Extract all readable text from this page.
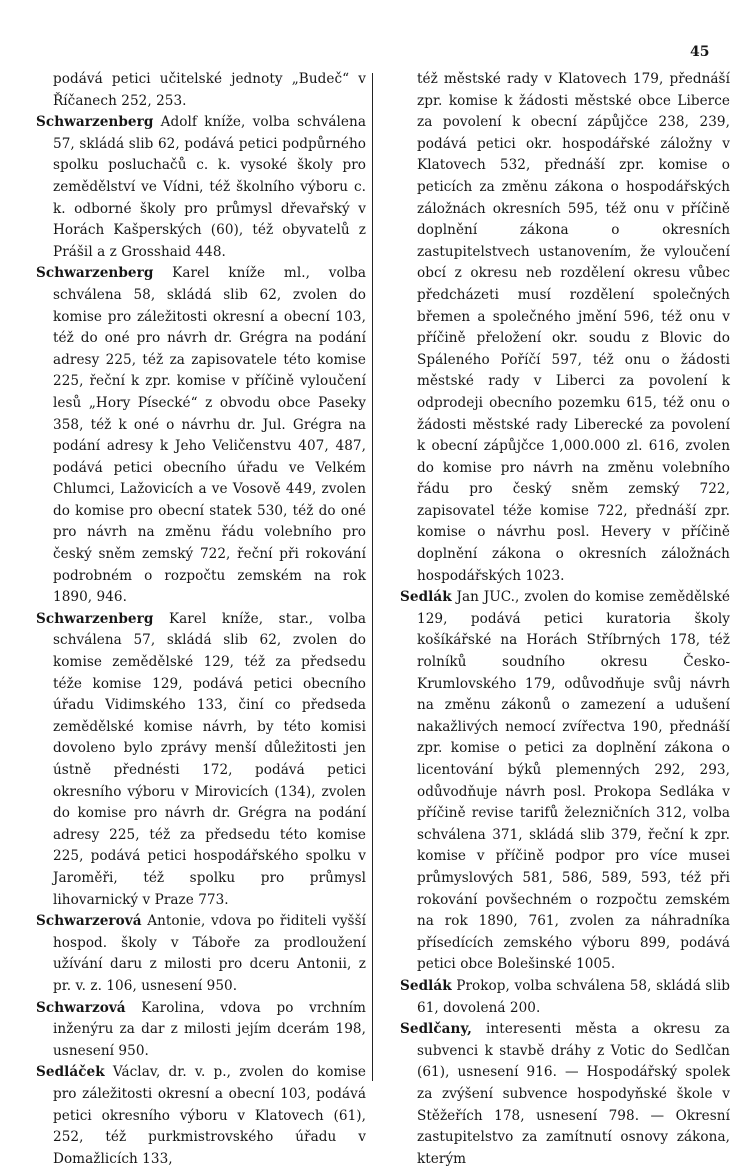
45

podává petici učitelské jednoty „Budeč“ v Říčanech 252, 253.

Schwarzenberg Adolf kníže, volba schválena 57, skládá slib 62, podává petici podpůrného spolku posluchačů c. k. vysoké školy pro zemědělství ve Vídni, též školního výboru c. k. odborné školy pro průmysl dřevařský v Horách Kašperských (60), též obyvatelů z Prášil a z Grosshaid 448.

Schwarzenberg Karel kníže ml., volba schválena 58, skládá slib 62, zvolen do komise pro záležitosti okresní a obecní 103, též do oné pro návrh dr. Grégra na podání adresy 225, též za zapisovatele této komise 225, řeční k zpr. komise v příčině vyloučení lesů „Hory Písecké“ z obvodu obce Paseky 358, též k oné o návrhu dr. Jul. Grégra na podání adresy k Jeho Veličenstvu 407, 487, podává petici obecního úřadu ve Velkém Chlumci, Lažovicích a ve Vosově 449, zvolen do komise pro obecní statek 530, též do oné pro návrh na změnu řádu volebního pro český sněm zemský 722, řeční při rokování podrobném o rozpočtu zemském na rok 1890, 946.

Schwarzenberg Karel kníže, star., volba schválena 57, skládá slib 62, zvolen do komise zemědělské 129, též za předsedu téže komise 129, podává petici obecního úřadu Vidimského 133, činí co předseda zemědělské komise návrh, by této komisi dovoleno bylo zprávy menší důležitosti jen ústně přednésti 172, podává petici okresního výboru v Mirovicích (134), zvolen do komise pro návrh dr. Grégra na podání adresy 225, též za předsedu této komise 225, podává petici hospodářského spolku v Jaroměři, též spolku pro průmysl lihovarnický v Praze 773.

Schwarzerová Antonie, vdova po řiditeli vyšší hospod. školy v Táboře za prodloužení užívání daru z milosti pro dceru Antonii, z pr. v. z. 106, usnesení 950.

Schwarzová Karolina, vdova po vrchním inženýru za dar z milosti jejím dcerám 198, usnesení 950.

Sedláček Václav, dr. v. p., zvolen do komise pro záležitosti okresní a obecní 103, podává petici okresního výboru v Klatovech (61), 252, též purkmistrovského úřadu v Domažlicích 133,

též městské rady v Klatovech 179, přednáší zpr. komise k žádosti městské obce Liberce za povolení k obecní zápůjčce 238, 239, podává petici okr. hospodářské záložny v Klatovech 532, přednáší zpr. komise o peticích za změnu zákona o hospodářských záložnách okresních 595, též onu v příčině doplnění zákona o okresních zastupitelstvech ustanovením, že vyloučení obcí z okresu neb rozdělení okresu vůbec předcházeti musí rozdělení společných břemen a společného jmění 596, též onu v příčině přeložení okr. soudu z Blovic do Spáleného Poříčí 597, též onu o žádosti městské rady v Liberci za povolení k odprodeji obecního pozemku 615, též onu o žádosti městské rady Liberecké za povolení k obecní zápůjčce 1,000.000 zl. 616, zvolen do komise pro návrh na změnu volebního řádu pro český sněm zemský 722, zapisovatel téže komise 722, přednáší zpr. komise o návrhu posl. Hevery v příčině doplnění zákona o okresních záložnách hospodářských 1023.

Sedlák Jan JUC., zvolen do komise zemědělské 129, podává petici kuratoria školy košíkářské na Horách Stříbrných 178, též rolníků soudního okresu Česko-Krumlovského 179, odůvodňuje svůj návrh na změnu zákonů o zamezení a udušení nakažlivých nemocí zvířectva 190, přednáší zpr. komise o petici za doplnění zákona o licentování býků plemenných 292, 293, odůvodňuje návrh posl. Prokopa Sedláka v příčině revise tarifů železničních 312, volba schválena 371, skládá slib 379, řeční k zpr. komise v příčině podpor pro více musei průmyslových 581, 586, 589, 593, též při rokování povšechném o rozpočtu zemském na rok 1890, 761, zvolen za náhradníka přísedících zemského výboru 899, podává petici obce Bolešinské 1005.

Sedlák Prokop, volba schválena 58, skládá slib 61, dovolená 200.

Sedlčany, interesenti města a okresu za subvenci k stavbě dráhy z Votic do Sedlčan (61), usnesení 916. — Hospodářský spolek za zvýšení subvence hospodyňské škole v Stěžeřích 178, usnesení 798. — Okresní zastupitelstvo za zamítnutí osnovy zákona, kterým
